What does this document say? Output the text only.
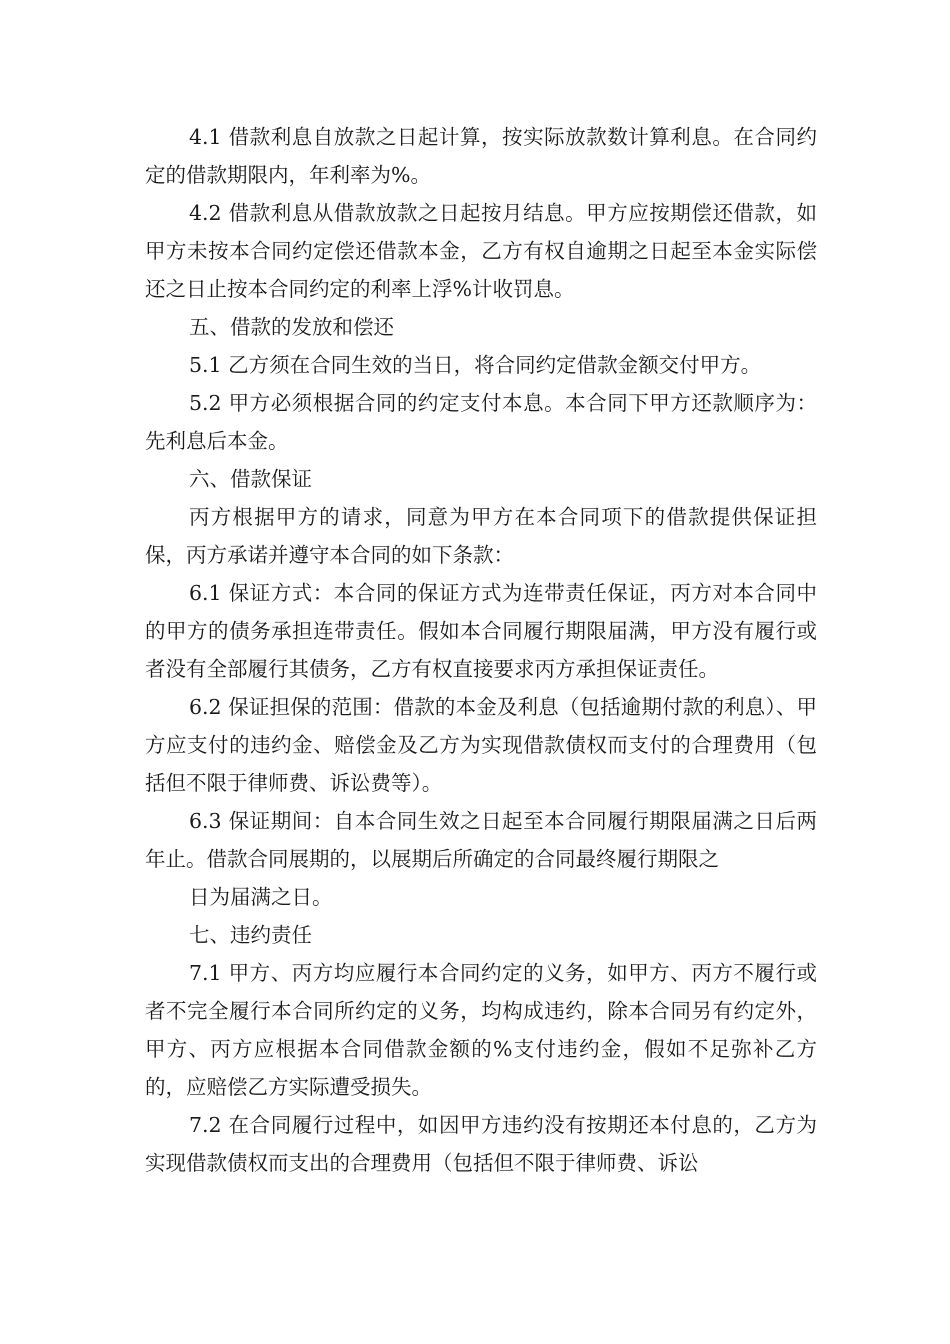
4.1 借款利息自放款之日起计算，按实际放款数计算利息。在合同约定的借款期限内，年利率为%。

4.2 借款利息从借款放款之日起按月结息。甲方应按期偿还借款，如甲方未按本合同约定偿还借款本金，乙方有权自逾期之日起至本金实际偿还之日止按本合同约定的利率上浮%计收罚息。

五、借款的发放和偿还

5.1 乙方须在合同生效的当日，将合同约定借款金额交付甲方。

5.2 甲方必须根据合同的约定支付本息。本合同下甲方还款顺序为：先利息后本金。

六、借款保证

丙方根据甲方的请求，同意为甲方在本合同项下的借款提供保证担保，丙方承诺并遵守本合同的如下条款：

6.1 保证方式：本合同的保证方式为连带责任保证，丙方对本合同中的甲方的债务承担连带责任。假如本合同履行期限届满，甲方没有履行或者没有全部履行其债务，乙方有权直接要求丙方承担保证责任。

6.2 保证担保的范围：借款的本金及利息（包括逾期付款的利息）、甲方应支付的违约金、赔偿金及乙方为实现借款债权而支付的合理费用（包括但不限于律师费、诉讼费等）。

6.3 保证期间：自本合同生效之日起至本合同履行期限届满之日后两年止。借款合同展期的，以展期后所确定的合同最终履行期限之

日为届满之日。

七、违约责任

7.1 甲方、丙方均应履行本合同约定的义务，如甲方、丙方不履行或者不完全履行本合同所约定的义务，均构成违约，除本合同另有约定外，甲方、丙方应根据本合同借款金额的%支付违约金，假如不足弥补乙方的，应赔偿乙方实际遭受损失。

7.2 在合同履行过程中，如因甲方违约没有按期还本付息的，乙方为实现借款债权而支出的合理费用（包括但不限于律师费、诉讼
